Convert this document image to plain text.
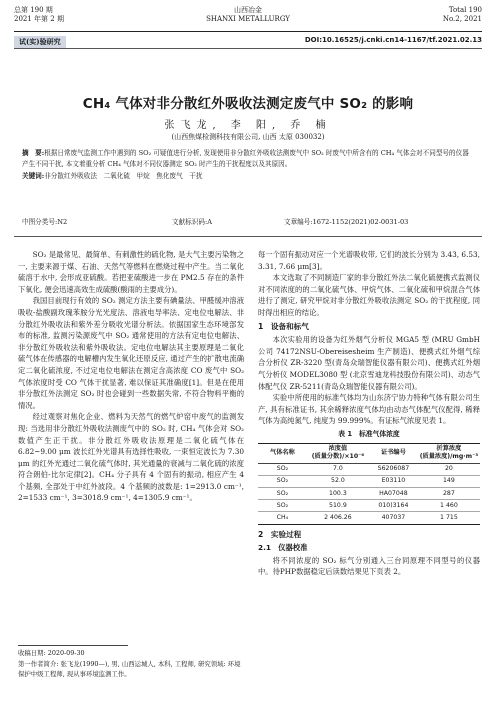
总第 190 期
2021 年第 2 期
山西冶金
SHANXI METALLURGY
Total 190
No.2, 2021
试(实)验研究	DOI:10.16525/j.cnki.cn14-1167/tf.2021.02.13
CH₄ 气体对非分散红外吸收法测定废气中 SO₂ 的影响
张飞龙, 李 阳, 乔 楠
(山西焦煤检测科技有限公司, 山西 太原 030032)
摘　要:根据日常废气监测工作中遇到的 SO₂ 可疑值进行分析, 发现使用非分散红外吸收法测废气中 SO₂ 时废气中所含有的 CH₄ 气体会对不同型号的仪器产生不同干扰, 本文着重分析 CH₄ 气体对不同仪器测定 SO₂ 时产生的干扰程度以及其原因。
关键词:非分散红外吸收法　二氧化硫　甲烷　焦化废气　干扰
中图分类号:N2	文献标识码:A	文章编号:1672-1152(2021)02-0031-03

SO₂ 是最常见、最简单、有刺激性的硫化物, 是大气主要污染物之一, 主要来源于煤、石油、天然气等燃料在燃烧过程中产生。当二氧化硫溶于水中, 会形成亚硫酸。若把亚硫酸进一步在 PM2.5 存在的条件下氧化, 便会迅速高效生成硫酸(酸雨的主要成分)。

我国目前现行有效的 SO₂ 测定方法主要有碘量法、甲醛缓冲溶液吸收-盐酸副玫瑰苯胺分光光度法、溶液电导率法、定电位电解法、非分散红外吸收法和紫外差分吸收光谱分析法。依据国家生态环境部发布的标准, 监测污染源废气中 SO₂ 通常使用的方法有定电位电解法、非分散红外吸收法和紫外吸收法。定电位电解法其主要原理是二氧化硫气体在传感器的电解槽内发生氧化还原反应, 通过产生的扩散电流确定二氧化硫浓度, 不过定电位电解法在测定含高浓度 CO 废气中 SO₂ 气体浓度时受 CO 气体干扰显著, 难以保证其准确度[1]。但是在使用非分散红外法测定 SO₂ 时也会碰到一些数据失常, 不符合物料平衡的情况。

经过观察对焦化企业、燃料为天然气的燃气炉窑中废气的监测发现: 当选用非分散红外吸收法测废气中的 SO₂ 时, CH₄ 气体会对 SO₂ 数值产生正干扰。非分散红外吸收法原理是二氧化硫气体在 6.82~9.00 μm 波长红外光谱具有选择性吸收, 一束恒定波长为 7.30 μm 的红外光通过二氧化硫气体时, 其光通量的衰减与二氧化硫的浓度符合朗伯-比尔定律[2]。CH₄ 分子具有 4 个固有的振动, 相应产生 4 个基频, 全部处于中红外波段。4 个基频的波数是: 1=2913.0 cm⁻¹, 2=1533 cm⁻¹, 3=3018.9 cm⁻¹, 4=1305.9 cm⁻¹。

每一个固有振动对应一个光谱吸收带, 它们的波长分别为 3.43, 6.53, 3.31, 7.66 μm[3]。

本文选取了不同制造厂家的非分散红外法二氧化硫便携式监测仪对不同浓度的的二氧化硫气体、甲烷气体、二氧化硫和甲烷混合气体进行了测定, 研究甲烷对非分散红外吸收法测定 SO₂ 的干扰程度, 同时得出相应的结论。

1　设备和标气

本次实验用的设备为红外烟气分析仪 MGA5 型 (MRU GmbH 公司 74172NSU-Obereisesheim 生产制造)、便携式红外烟气综合分析仪 ZR-3220 型(青岛众瑞智能仪器有限公司)、便携式红外烟气分析仪 MODEL3080 型 (北京雪迪龙科技股份有限公司)、动态气体配气仪 ZR-5211(青岛众瑞智能仪器有限公司)。

实验中所使用的标准气体均为山东济宁协力特种气体有限公司生产, 具有标准证书, 其余稀释浓度气体均由动态气体配气仪配得, 稀释气体为高纯氮气, 纯度为 99.999%。有证标气浓度见表 1。

表 1　标准气体浓度
气体名称	浓度值
(质量分数)/×10⁻⁶	证书编号	折算浓度
(质量浓度)/mg·m⁻³
SO₂	7.0	S6206087	20
SO₂	52.0	E03110	149
SO₂	100.3	HA07048	287
SO₂	510.9	010)3164	1 460
CH₄	2 406.26	407037	1 715
2　实验过程
2.1　仪器校准

将不同浓度的 SO₂ 标气分别通入三台同原理不同型号的仪器中。待PHP数据稳定后读数结果见下页表 2。

收稿日期: 2020-09-30
第一作者简介: 张飞龙(1990—), 男, 山西运城人, 本科, 工程师, 研究领域: 环境保护中级工程师, 现从事环境监测工作。
